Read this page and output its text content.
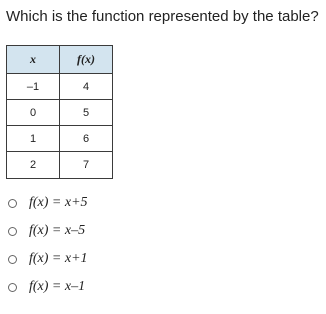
Which is the function represented by the table?
x	f(x)
–1	4
0	5
1	6
2	7
f(x) = x+5
f(x) = x–5
f(x) = x+1
f(x) = x–1
